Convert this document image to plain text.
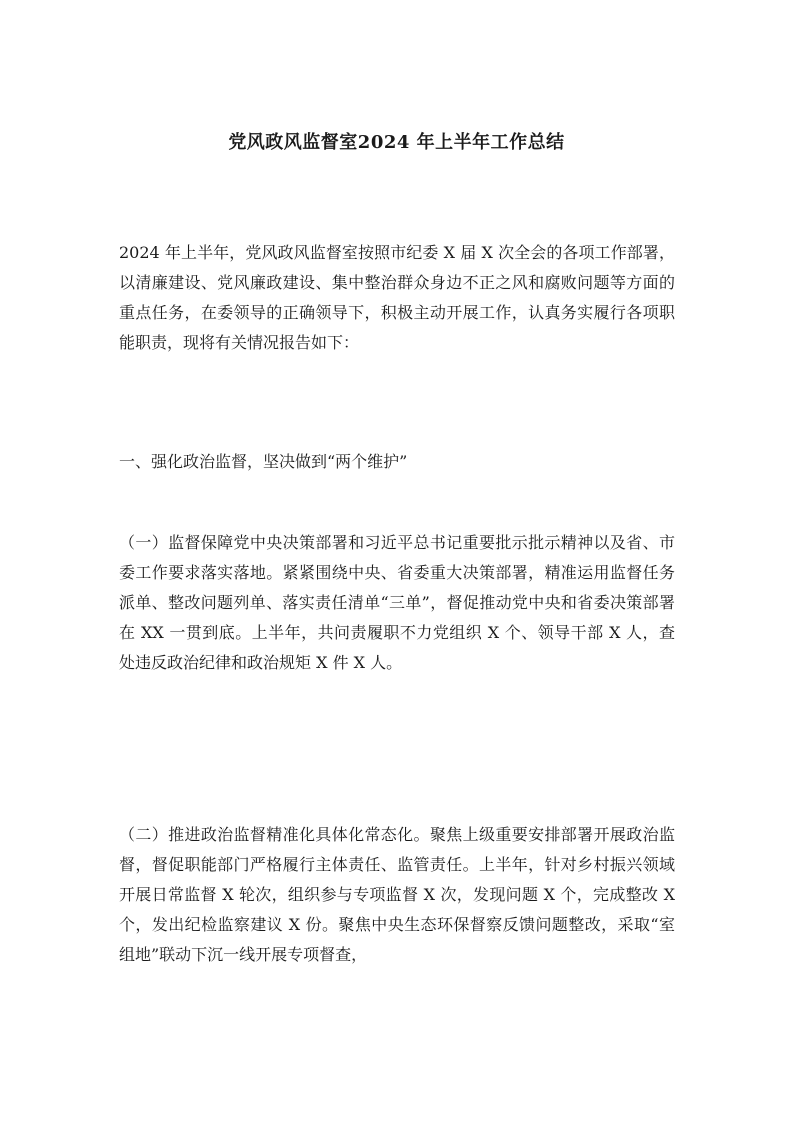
党风政风监督室2024 年上半年工作总结

2024 年上半年，党风政风监督室按照市纪委 X 届 X 次全会的各项工作部署，以清廉建设、党风廉政建设、集中整治群众身边不正之风和腐败问题等方面的重点任务，在委领导的正确领导下，积极主动开展工作，认真务实履行各项职能职责，现将有关情况报告如下：

一、强化政治监督，坚决做到“两个维护”

（一）监督保障党中央决策部署和习近平总书记重要批示批示精神以及省、市委工作要求落实落地。紧紧围绕中央、省委重大决策部署，精准运用监督任务派单、整改问题列单、落实责任清单“三单”，督促推动党中央和省委决策部署在 XX 一贯到底。上半年，共问责履职不力党组织 X 个、领导干部 X 人，查处违反政治纪律和政治规矩 X 件 X 人。

（二）推进政治监督精准化具体化常态化。聚焦上级重要安排部署开展政治监督，督促职能部门严格履行主体责任、监管责任。上半年，针对乡村振兴领域开展日常监督 X 轮次，组织参与专项监督 X 次，发现问题 X 个，完成整改 X 个，发出纪检监察建议 X 份。聚焦中央生态环保督察反馈问题整改，采取“室组地”联动下沉一线开展专项督查，
